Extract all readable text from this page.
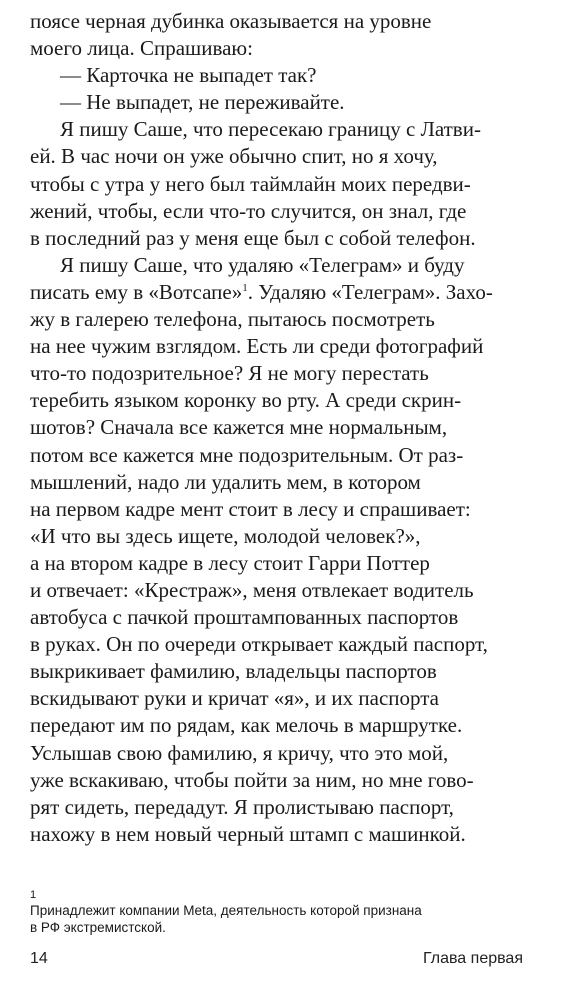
поясе черная дубинка оказывается на уровне
моего лица. Спрашиваю:
— Карточка не выпадет так?
— Не выпадет, не переживайте.
Я пишу Саше, что пересекаю границу с Латви-
ей. В час ночи он уже обычно спит, но я хочу,
чтобы с утра у него был таймлайн моих передви-
жений, чтобы, если что-то случится, он знал, где
в последний раз у меня еще был с собой телефон.
Я пишу Саше, что удаляю «Телеграм» и буду
писать ему в «Вотсапе»$^1$. Удаляю «Телеграм». Захо-
жу в галерею телефона, пытаюсь посмотреть
на нее чужим взглядом. Есть ли среди фотографий
что-то подозрительное? Я не могу перестать
теребить языком коронку во рту. А среди скрин-
шотов? Сначала все кажется мне нормальным,
потом все кажется мне подозрительным. От раз-
мышлений, надо ли удалить мем, в котором
на первом кадре мент стоит в лесу и спрашивает:
«И что вы здесь ищете, молодой человек?»,
а на втором кадре в лесу стоит Гарри Поттер
и отвечает: «Крестраж», меня отвлекает водитель
автобуса с пачкой проштампованных паспортов
в руках. Он по очереди открывает каждый паспорт,
выкрикивает фамилию, владельцы паспортов
вскидывают руки и кричат «я», и их паспорта
передают им по рядам, как мелочь в маршрутке.
Услышав свою фамилию, я кричу, что это мой,
уже вскакиваю, чтобы пойти за ним, но мне гово-
рят сидеть, передадут. Я пролистываю паспорт,
нахожу в нем новый черный штамп с машинкой.
1
Принадлежит компании Meta, деятельность которой признана
в РФ экстремистской.
14	Глава первая
